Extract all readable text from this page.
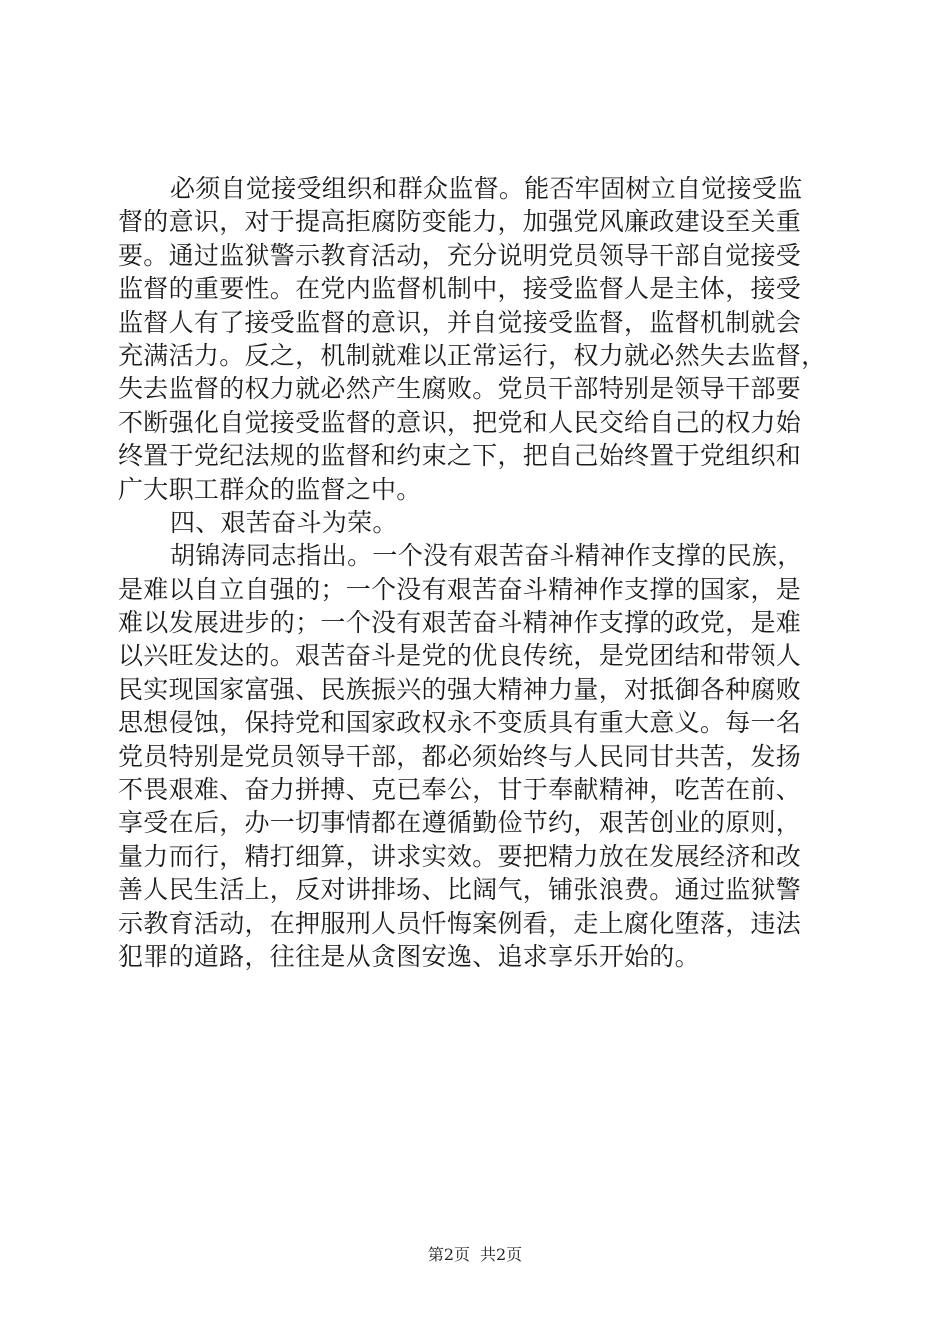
必须自觉接受组织和群众监督。能否牢固树立自觉接受监
督的意识，对于提高拒腐防变能力，加强党风廉政建设至关重
要。通过监狱警示教育活动，充分说明党员领导干部自觉接受
监督的重要性。在党内监督机制中，接受监督人是主体，接受
监督人有了接受监督的意识，并自觉接受监督，监督机制就会
充满活力。反之，机制就难以正常运行，权力就必然失去监督，
失去监督的权力就必然产生腐败。党员干部特别是领导干部要
不断强化自觉接受监督的意识，把党和人民交给自己的权力始
终置于党纪法规的监督和约束之下，把自己始终置于党组织和
广大职工群众的监督之中。
四、艰苦奋斗为荣。
胡锦涛同志指出。一个没有艰苦奋斗精神作支撑的民族，
是难以自立自强的；一个没有艰苦奋斗精神作支撑的国家，是
难以发展进步的；一个没有艰苦奋斗精神作支撑的政党，是难
以兴旺发达的。艰苦奋斗是党的优良传统，是党团结和带领人
民实现国家富强、民族振兴的强大精神力量，对抵御各种腐败
思想侵蚀，保持党和国家政权永不变质具有重大意义。每一名
党员特别是党员领导干部，都必须始终与人民同甘共苦，发扬
不畏艰难、奋力拼搏、克已奉公，甘于奉献精神，吃苦在前、
享受在后，办一切事情都在遵循勤俭节约，艰苦创业的原则，
量力而行，精打细算，讲求实效。要把精力放在发展经济和改
善人民生活上，反对讲排场、比阔气，铺张浪费。通过监狱警
示教育活动，在押服刑人员忏悔案例看，走上腐化堕落，违法
犯罪的道路，往往是从贪图安逸、追求享乐开始的。
第2页 共2页
